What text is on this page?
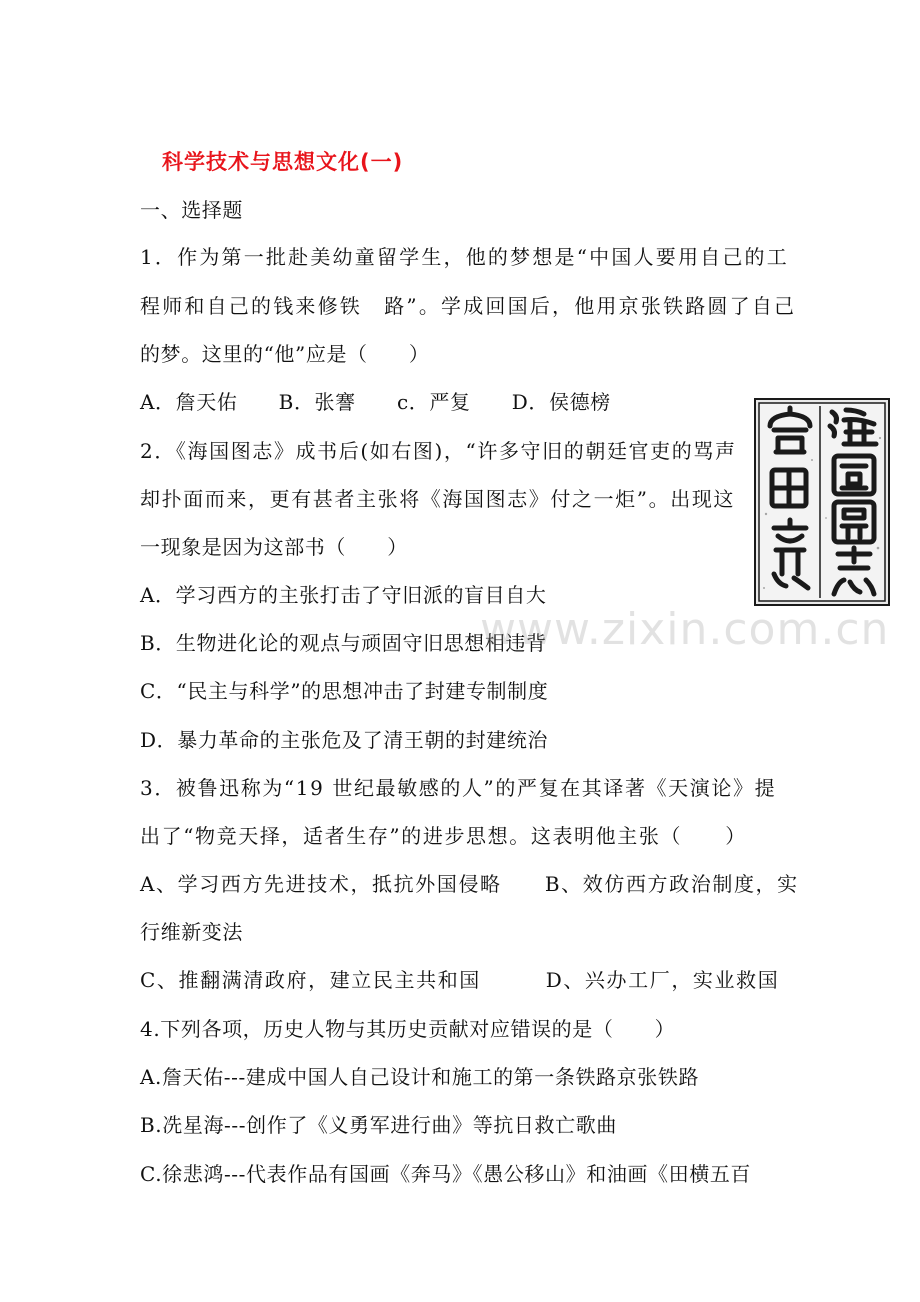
科学技术与思想文化(一)
一、选择题
1．作为第一批赴美幼童留学生，他的梦想是“中国人要用自己的工
程师和自己的钱来修铁　路”。学成回国后，他用京张铁路圆了自己
的梦。这里的“他”应是（　　）
A．詹天佑　　B．张謇　　c．严复　　D．侯德榜
2．《海国图志》成书后(如右图)，“许多守旧的朝廷官吏的骂声
却扑面而来，更有甚者主张将《海国图志》付之一炬”。出现这
一现象是因为这部书（　　）
A．学习西方的主张打击了守旧派的盲目自大
B．生物进化论的观点与顽固守旧思想相违背
C．“民主与科学”的思想冲击了封建专制制度
D．暴力革命的主张危及了清王朝的封建统治
3．被鲁迅称为“19 世纪最敏感的人”的严复在其译著《天演论》提
出了“物竞天择，适者生存”的进步思想。这表明他主张（　　）
A、学习西方先进技术，抵抗外国侵略　　B、效仿西方政治制度，实
行维新变法
C、推翻满清政府，建立民主共和国　　　D、兴办工厂，实业救国
4.下列各项，历史人物与其历史贡献对应错误的是（　　）
A.詹天佑---建成中国人自己设计和施工的第一条铁路京张铁路
B.冼星海---创作了《义勇军进行曲》等抗日救亡歌曲
C.徐悲鸿---代表作品有国画《奔马》《愚公移山》和油画《田横五百
www.zixin.com.cn
